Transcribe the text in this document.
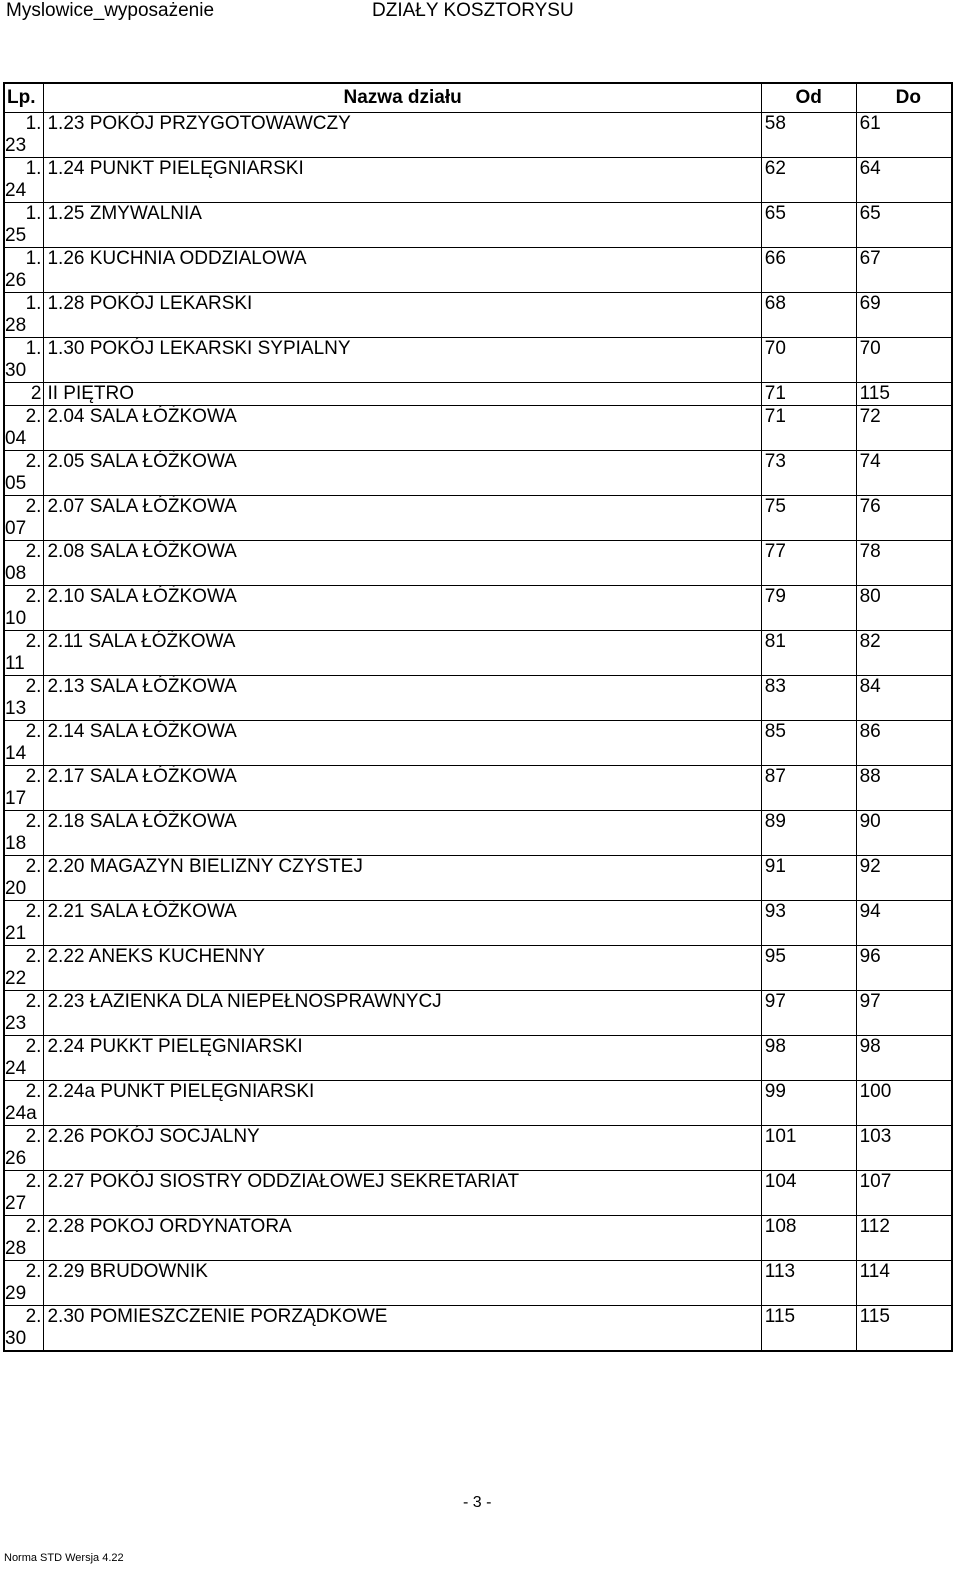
Myslowice_wyposażenie	DZIAŁY KOSZTORYSU
Lp.	Nazwa działu	Od	Do

1.
23	1.23 POKÓJ PRZYGOTOWAWCZY	58	61

1.
24	1.24 PUNKT PIELĘGNIARSKI	62	64

1.
25	1.25 ZMYWALNIA	65	65

1.
26	1.26 KUCHNIA ODDZIALOWA	66	67

1.
28	1.28 POKÓJ LEKARSKI	68	69

1.
30	1.30 POKÓJ LEKARSKI SYPIALNY	70	70

2	II PIĘTRO	71	115

2.
04	2.04 SALA ŁÓŻKOWA	71	72

2.
05	2.05 SALA ŁÓŻKOWA	73	74

2.
07	2.07 SALA ŁÓŻKOWA	75	76

2.
08	2.08 SALA ŁÓŻKOWA	77	78

2.
10	2.10 SALA ŁÓŻKOWA	79	80

2.
11	2.11 SALA ŁÓŻKOWA	81	82

2.
13	2.13 SALA ŁÓŻKOWA	83	84

2.
14	2.14 SALA ŁÓŻKOWA	85	86

2.
17	2.17 SALA ŁÓŻKOWA	87	88

2.
18	2.18 SALA ŁÓŻKOWA	89	90

2.
20	2.20 MAGAZYN BIELIZNY CZYSTEJ	91	92

2.
21	2.21 SALA ŁÓŻKOWA	93	94

2.
22	2.22 ANEKS KUCHENNY	95	96

2.
23	2.23 ŁAZIENKA DLA NIEPEŁNOSPRAWNYCJ	97	97

2.
24	2.24 PUKKT PIELĘGNIARSKI	98	98

2.
24a	2.24a PUNKT PIELĘGNIARSKI	99	100

2.
26	2.26 POKÓJ SOCJALNY	101	103

2.
27	2.27 POKÓJ SIOSTRY ODDZIAŁOWEJ SEKRETARIAT	104	107

2.
28	2.28 POKOJ ORDYNATORA	108	112

2.
29	2.29 BRUDOWNIK	113	114

2.
30	2.30 POMIESZCZENIE PORZĄDKOWE	115	115
- 3 -
Norma STD Wersja 4.22
